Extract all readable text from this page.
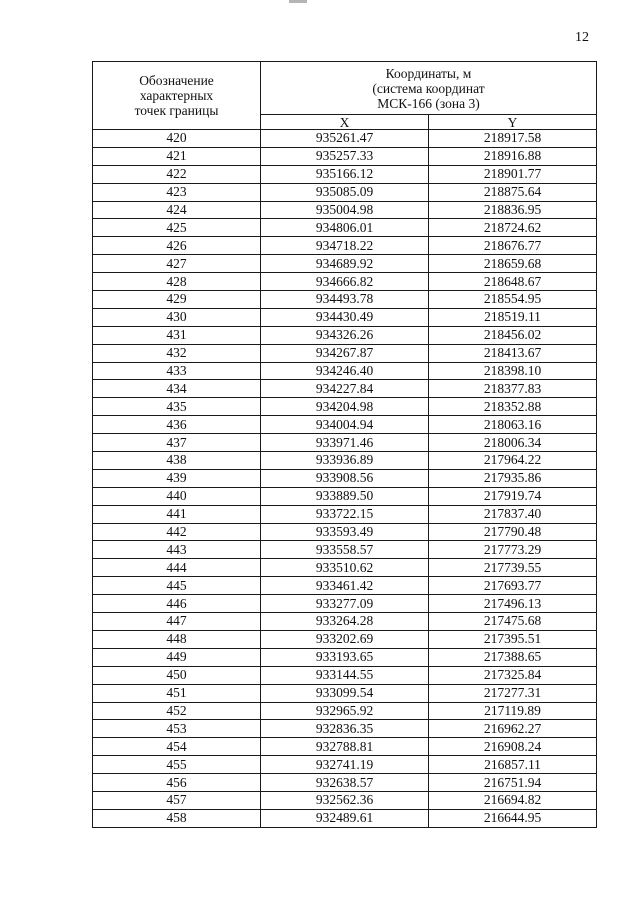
12
Обозначение
характерных
точек границы	Координаты, м
(система координат
МСК-166 (зона 3)	

	X	Y
420	935261.47	218917.58
421	935257.33	218916.88
422	935166.12	218901.77
423	935085.09	218875.64
424	935004.98	218836.95
425	934806.01	218724.62
426	934718.22	218676.77
427	934689.92	218659.68
428	934666.82	218648.67
429	934493.78	218554.95
430	934430.49	218519.11
431	934326.26	218456.02
432	934267.87	218413.67
433	934246.40	218398.10
434	934227.84	218377.83
435	934204.98	218352.88
436	934004.94	218063.16
437	933971.46	218006.34
438	933936.89	217964.22
439	933908.56	217935.86
440	933889.50	217919.74
441	933722.15	217837.40
442	933593.49	217790.48
443	933558.57	217773.29
444	933510.62	217739.55
445	933461.42	217693.77
446	933277.09	217496.13
447	933264.28	217475.68
448	933202.69	217395.51
449	933193.65	217388.65
450	933144.55	217325.84
451	933099.54	217277.31
452	932965.92	217119.89
453	932836.35	216962.27
454	932788.81	216908.24
455	932741.19	216857.11
456	932638.57	216751.94
457	932562.36	216694.82
458	932489.61	216644.95
